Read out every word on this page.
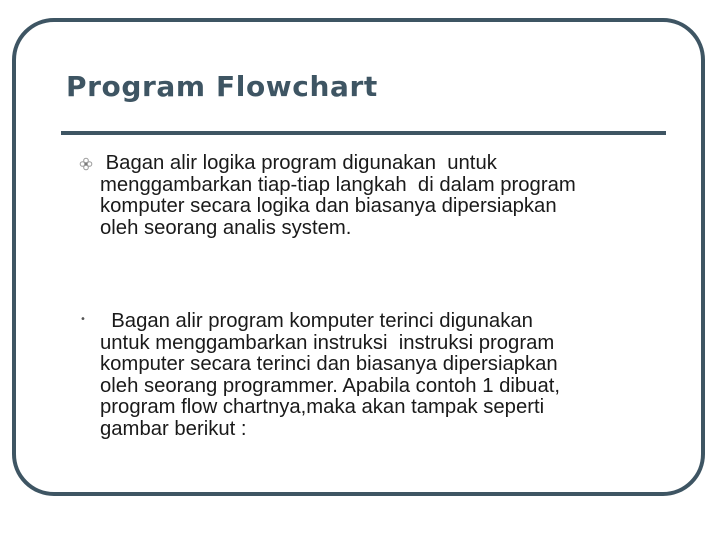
Program Flowchart

Bagan alir logika program digunakan  untuk
menggambarkan tiap-tiap langkah  di dalam program
komputer secara logika dan biasanya dipersiapkan
oleh seorang analis system.

• Bagan alir program komputer terinci digunakan
untuk menggambarkan instruksi  instruksi program
komputer secara terinci dan biasanya dipersiapkan
oleh seorang programmer. Apabila contoh 1 dibuat,
program flow chartnya,maka akan tampak seperti
gambar berikut :
